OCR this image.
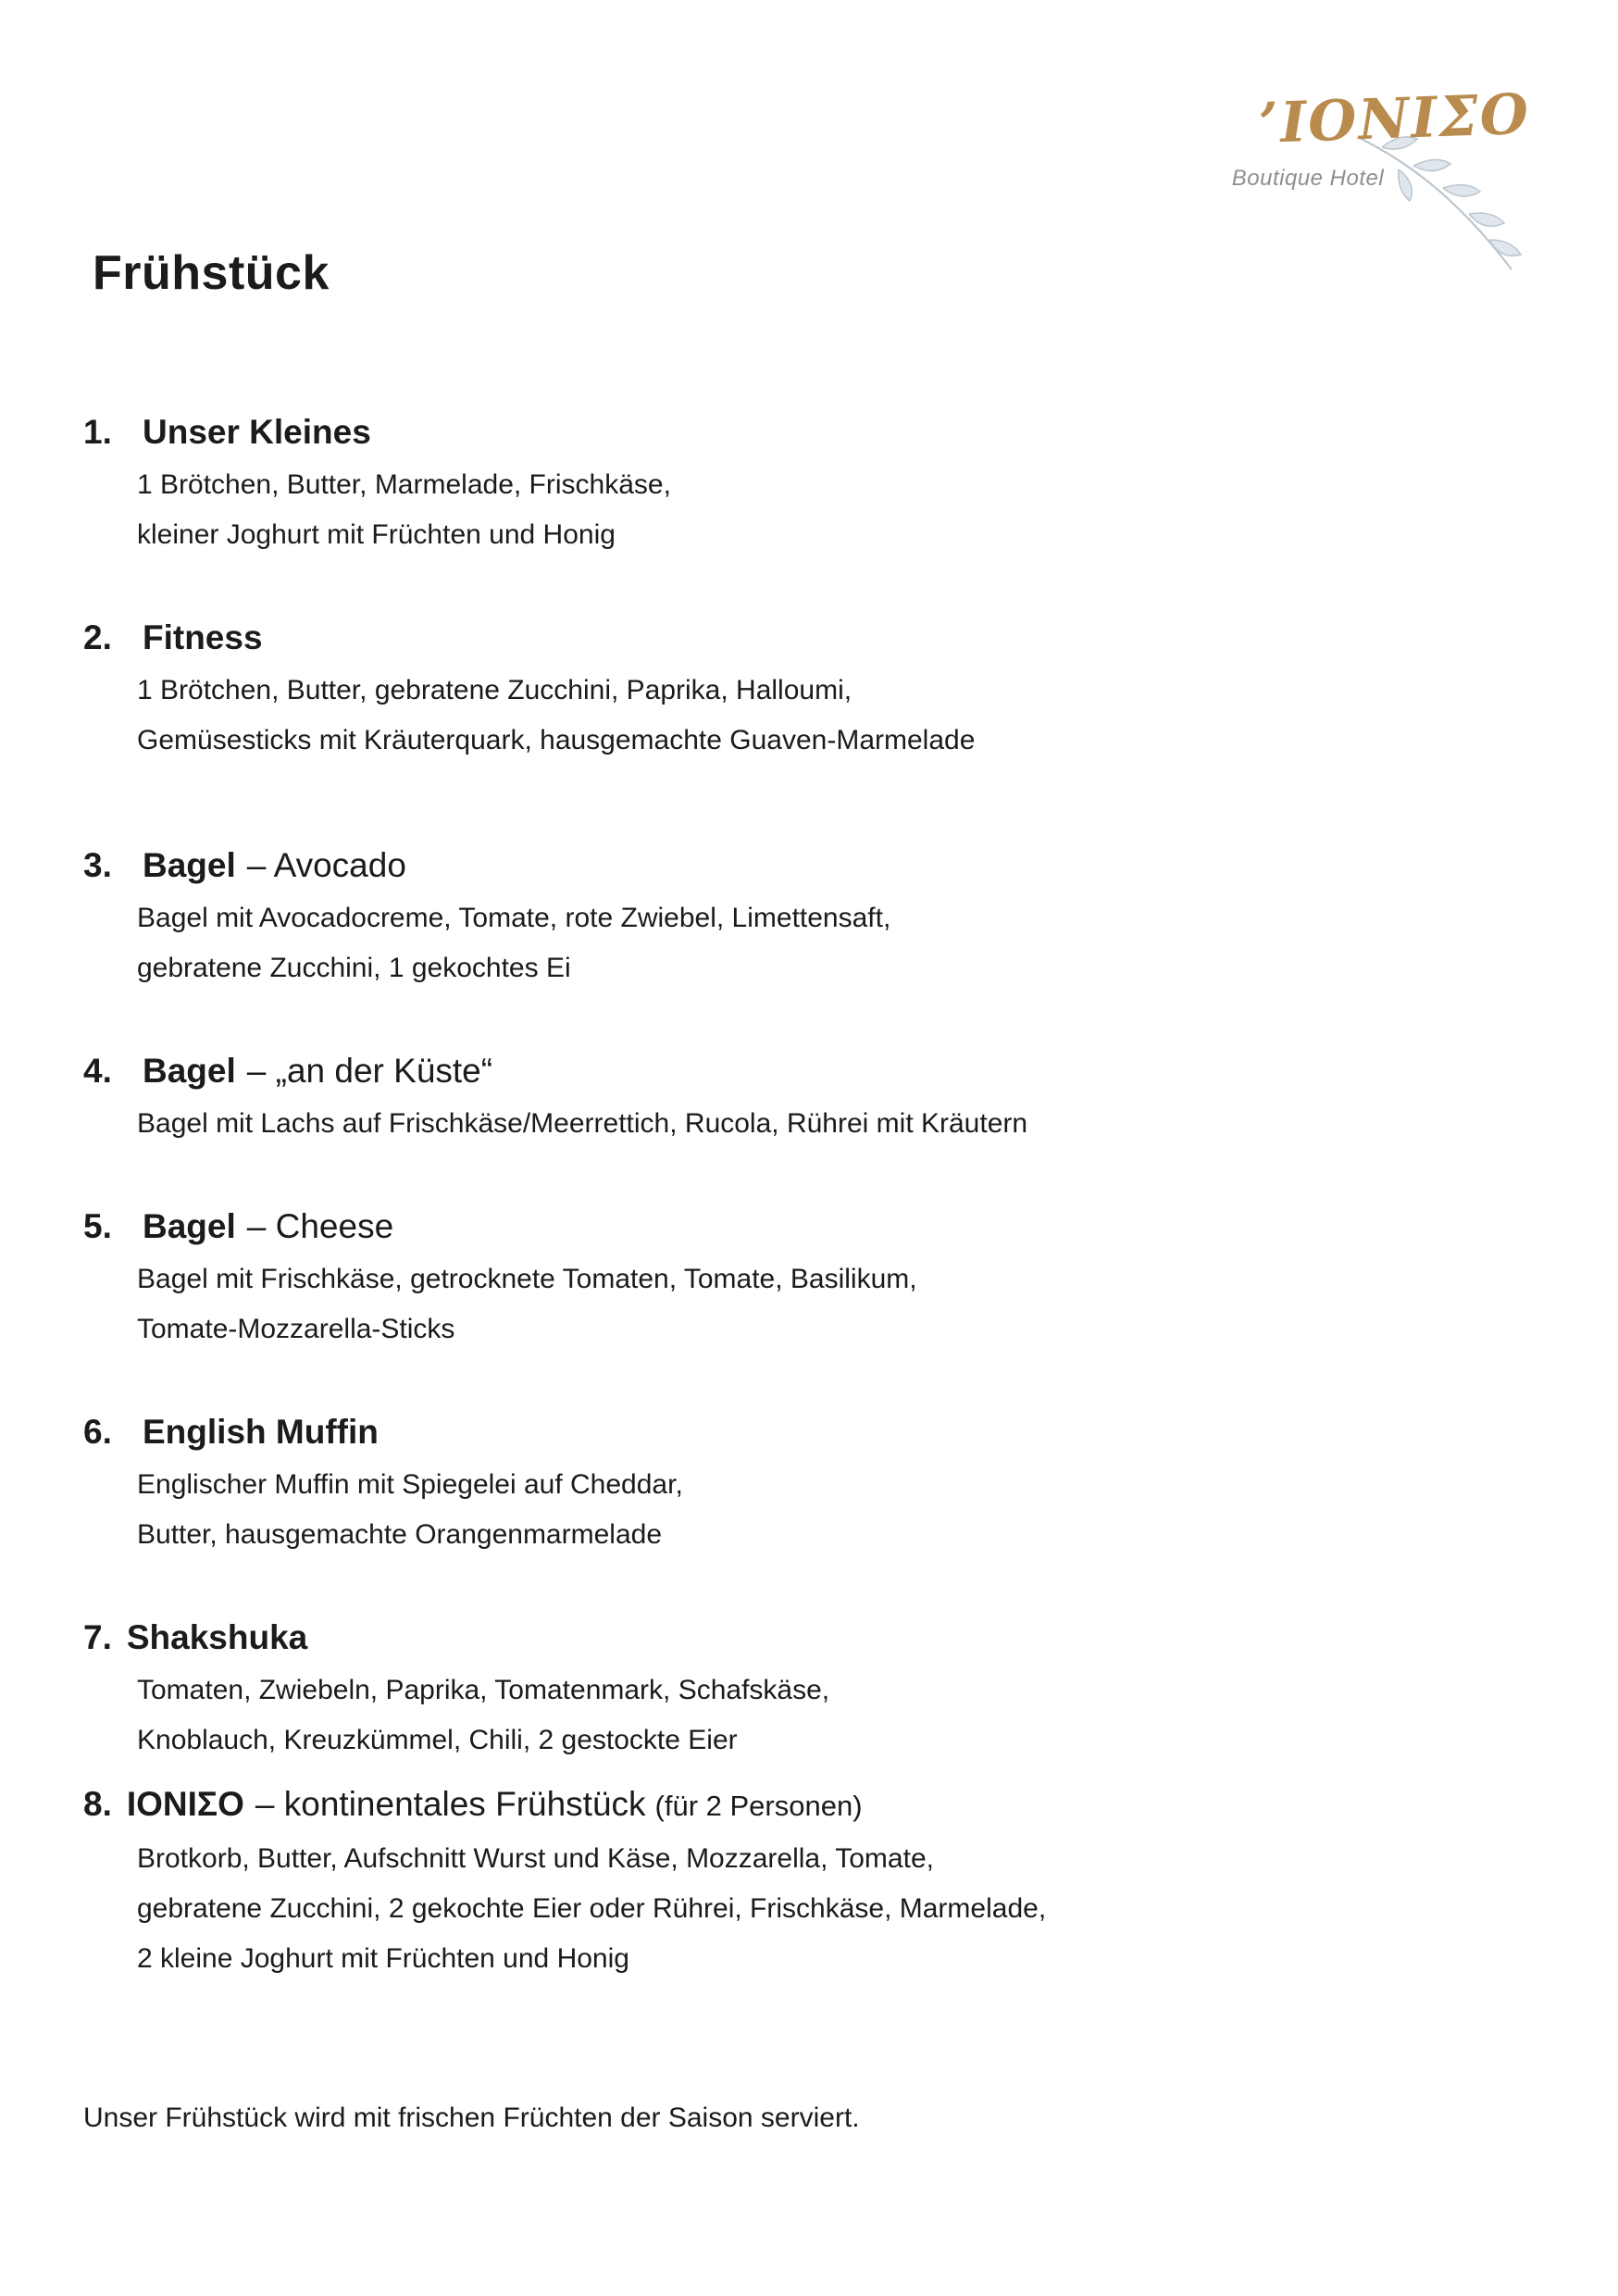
’ΙΟΝΙΣΟ
Boutique Hotel
Frühstück
1. Unser Kleines
1 Brötchen, Butter, Marmelade, Frischkäse,
kleiner Joghurt mit Früchten und Honig
2. Fitness
1 Brötchen, Butter, gebratene Zucchini, Paprika, Halloumi,
Gemüsesticks mit Kräuterquark, hausgemachte Guaven-Marmelade
3. Bagel – Avocado
Bagel mit Avocadocreme, Tomate, rote Zwiebel, Limettensaft,
gebratene Zucchini, 1 gekochtes Ei
4. Bagel – „an der Küste“
Bagel mit Lachs auf Frischkäse/Meerrettich, Rucola, Rührei mit Kräutern
5. Bagel – Cheese
Bagel mit Frischkäse, getrocknete Tomaten, Tomate, Basilikum,
Tomate-Mozzarella-Sticks
6. English Muffin
Englischer Muffin mit Spiegelei auf Cheddar,
Butter, hausgemachte Orangenmarmelade
7. Shakshuka
Tomaten, Zwiebeln, Paprika, Tomatenmark, Schafskäse,
Knoblauch, Kreuzkümmel, Chili, 2 gestockte Eier
8. ΙΟΝΙΣΟ – kontinentales Frühstück (für 2 Personen)
Brotkorb, Butter, Aufschnitt Wurst und Käse, Mozzarella, Tomate,
gebratene Zucchini, 2 gekochte Eier oder Rührei, Frischkäse, Marmelade,
2 kleine Joghurt mit Früchten und Honig
Unser Frühstück wird mit frischen Früchten der Saison serviert.
